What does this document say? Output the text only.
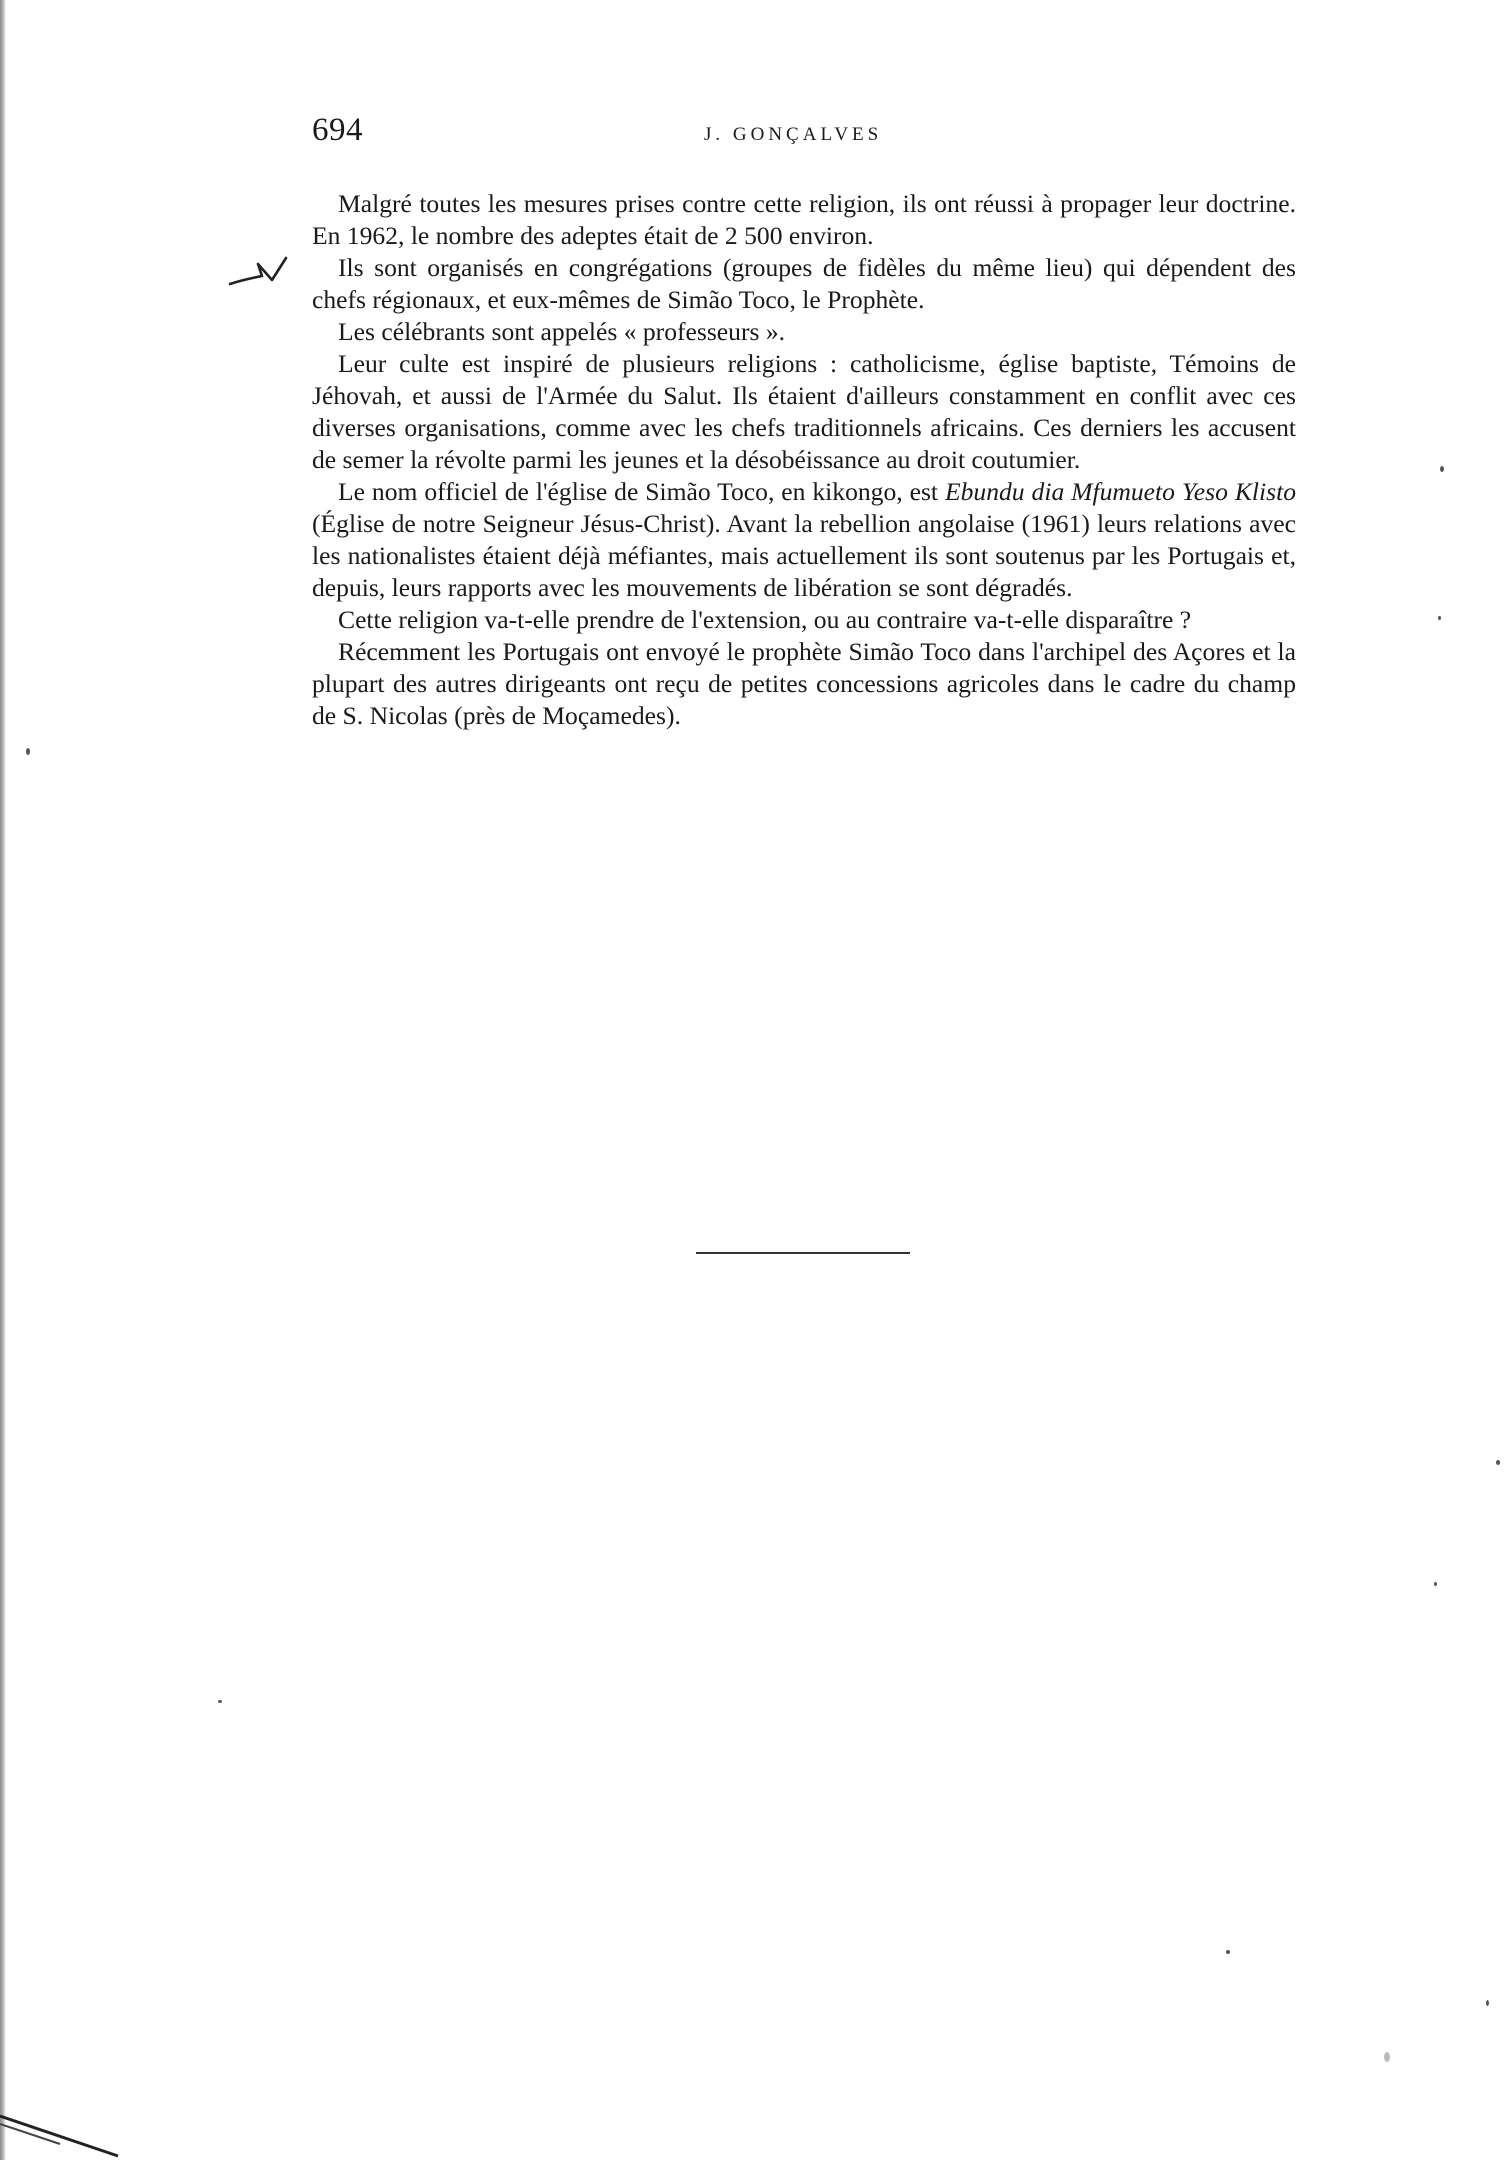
694	J. GONÇALVES

Malgré toutes les mesures prises contre cette religion, ils ont réussi à propager leur doctrine. En 1962, le nombre des adeptes était de 2 500 environ.

Ils sont organisés en congrégations (groupes de fidèles du même lieu) qui dépendent des chefs régionaux, et eux-mêmes de Simão Toco, le Prophète.

Les célébrants sont appelés « professeurs ».

Leur culte est inspiré de plusieurs religions : catholicisme, église baptiste, Témoins de Jéhovah, et aussi de l'Armée du Salut. Ils étaient d'ailleurs constamment en conflit avec ces diverses organisations, comme avec les chefs traditionnels africains. Ces derniers les accusent de semer la révolte parmi les jeunes et la désobéissance au droit coutumier.

Le nom officiel de l'église de Simão Toco, en kikongo, est Ebundu dia Mfumueto Yeso Klisto (Église de notre Seigneur Jésus-Christ). Avant la rebellion angolaise (1961) leurs relations avec les nationalistes étaient déjà méfiantes, mais actuellement ils sont soutenus par les Portugais et, depuis, leurs rapports avec les mouvements de libération se sont dégradés.

Cette religion va-t-elle prendre de l'extension, ou au contraire va-t-elle disparaître ?

Récemment les Portugais ont envoyé le prophète Simão Toco dans l'archipel des Açores et la plupart des autres dirigeants ont reçu de petites concessions agricoles dans le cadre du champ de S. Nicolas (près de Moçamedes).
